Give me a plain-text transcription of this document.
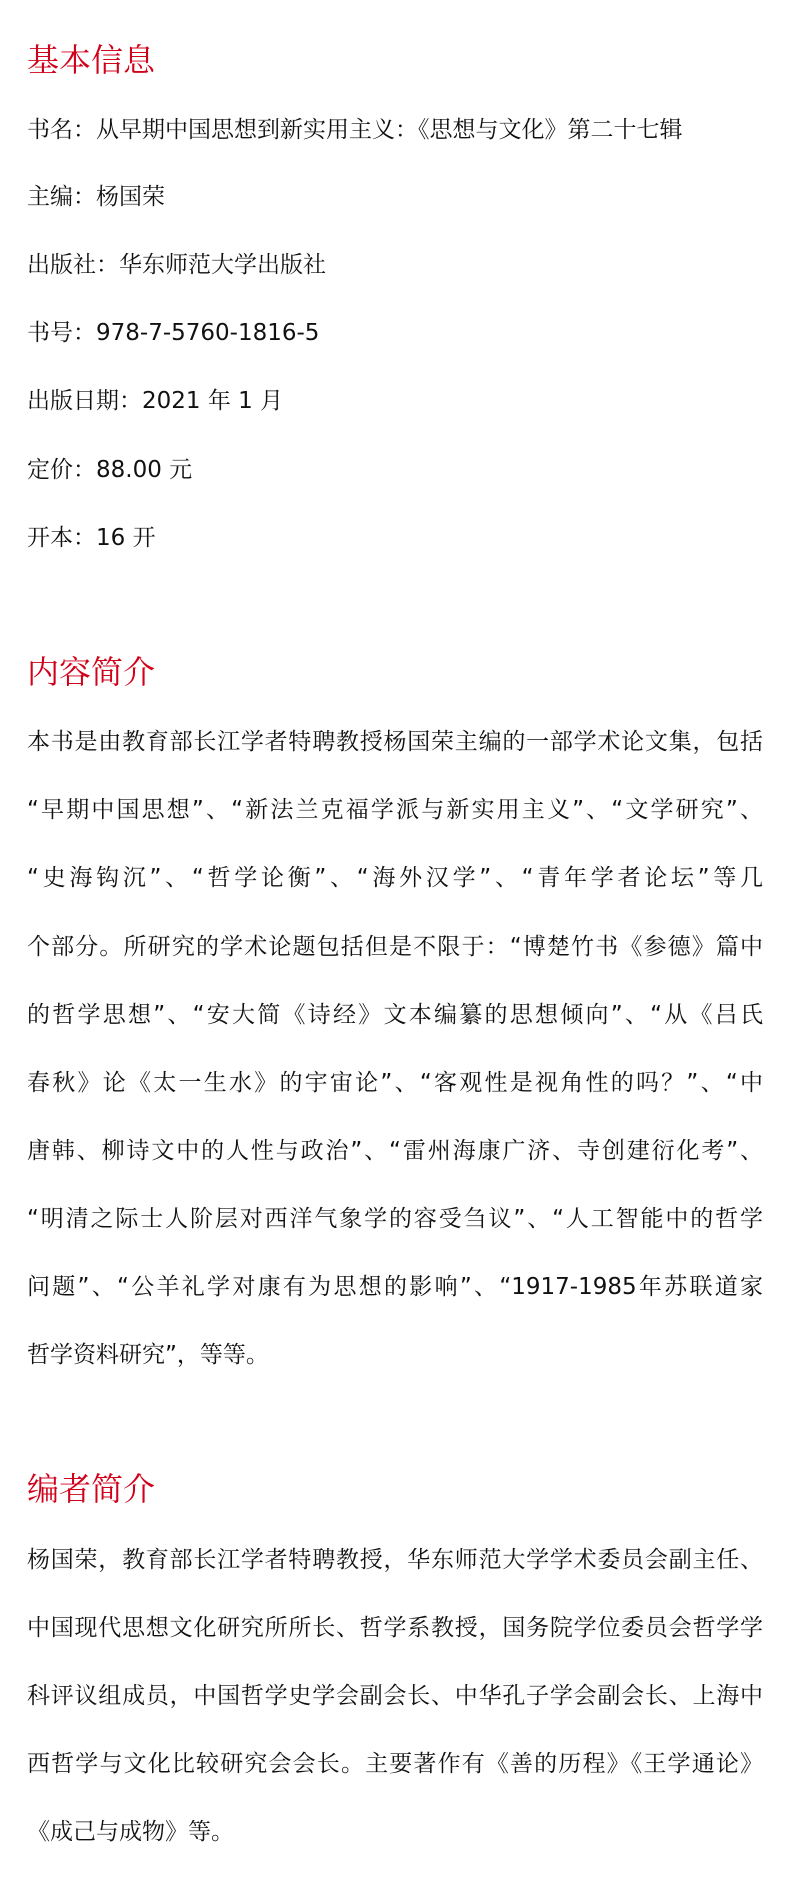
基本信息

书名：从早期中国思想到新实用主义：《思想与文化》第二十七辑

主编：杨国荣

出版社：华东师范大学出版社

书号：978-7-5760-1816-5

出版日期：2021 年 1 月

定价：88.00 元

开本：16 开

内容简介

本书是由教育部长江学者特聘教授杨国荣主编的一部学术论文集，包括

“早期中国思想”、“新法兰克福学派与新实用主义”、“文学研究”、

“史海钩沉”、“哲学论衡”、“海外汉学”、“青年学者论坛”等几

个部分。所研究的学术论题包括但是不限于：“博楚竹书《参德》篇中

的哲学思想”、“安大简《诗经》文本编纂的思想倾向”、“从《吕氏

春秋》论《太一生水》的宇宙论”、“客观性是视角性的吗？”、“中

唐韩、柳诗文中的人性与政治”、“雷州海康广济、寺创建衍化考”、

“明清之际士人阶层对西洋气象学的容受刍议”、“人工智能中的哲学

问题”、“公羊礼学对康有为思想的影响”、“1917-1985年苏联道家

哲学资料研究”，等等。

编者简介

杨国荣，教育部长江学者特聘教授，华东师范大学学术委员会副主任、

中国现代思想文化研究所所长、哲学系教授，国务院学位委员会哲学学

科评议组成员，中国哲学史学会副会长、中华孔子学会副会长、上海中

西哲学与文化比较研究会会长。主要著作有《善的历程》《王学通论》

《成己与成物》等。
